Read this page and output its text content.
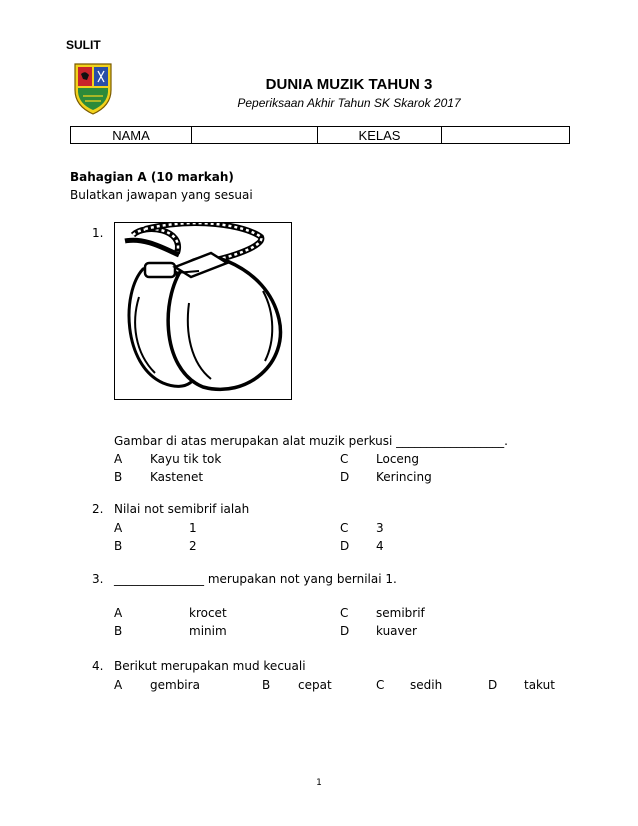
SULIT
DUNIA MUZIK TAHUN 3
Peperiksaan Akhir Tahun SK Skarok 2017
NAMA	KELAS
Bahagian A (10 markah)
Bulatkan jawapan yang sesuai
1.
Gambar di atas merupakan alat muzik perkusi __________________.
A Kayu tik tok	C Loceng
B Kastenet	D Kerincing
2. Nilai not semibrif ialah
A	1	C 3
B	2	D 4
3. _______________ merupakan not yang bernilai 1.
A	krocet	C semibrif
B	minim	D kuaver
4. Berikut merupakan mud kecuali
A gembira	B cepat	C sedih	D takut
1
